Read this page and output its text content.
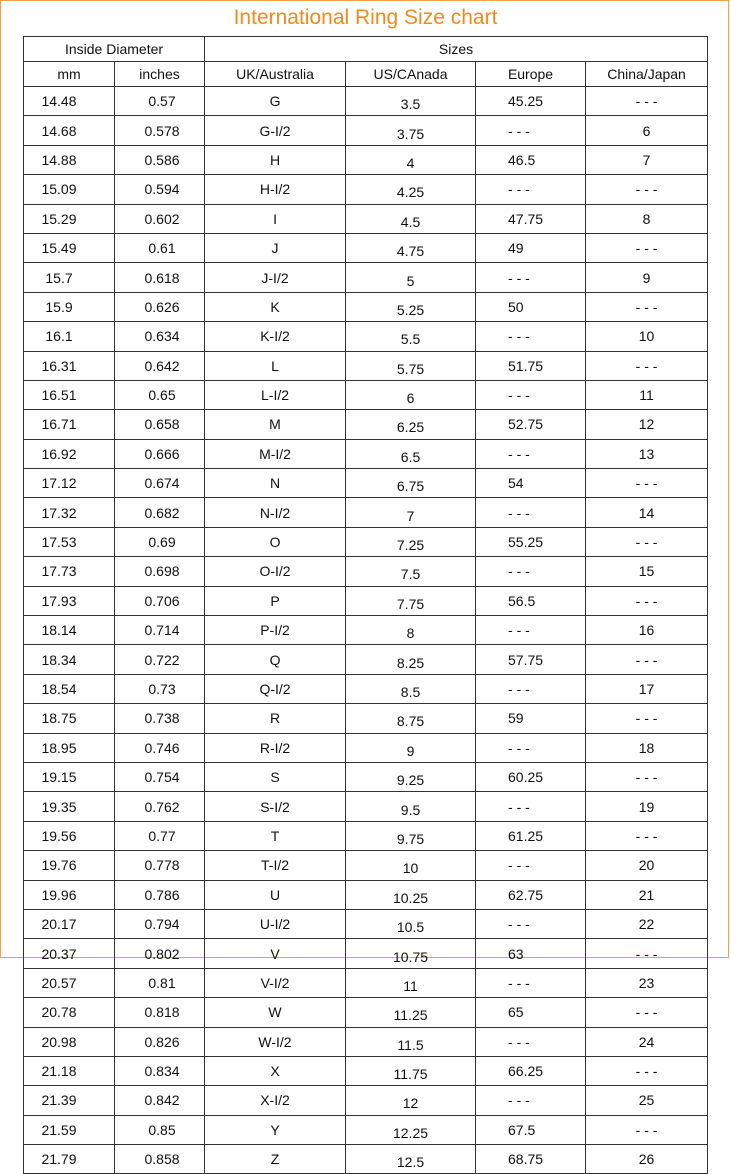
International Ring Size chart
Inside Diameter		Sizes			
mm	inches	UK/Australia	US/CAnada	Europe	China/Japan
14.48	0.57	G	3.5	45.25	- - -
14.68	0.578	G-I/2	3.75	- - -	6
14.88	0.586	H	4	46.5	7
15.09	0.594	H-I/2	4.25	- - -	- - -
15.29	0.602	I	4.5	47.75	8
15.49	0.61	J	4.75	49	- - -
15.7	0.618	J-I/2	5	- - -	9
15.9	0.626	K	5.25	50	- - -
16.1	0.634	K-I/2	5.5	- - -	10
16.31	0.642	L	5.75	51.75	- - -
16.51	0.65	L-I/2	6	- - -	11
16.71	0.658	M	6.25	52.75	12
16.92	0.666	M-I/2	6.5	- - -	13
17.12	0.674	N	6.75	54	- - -
17.32	0.682	N-I/2	7	- - -	14
17.53	0.69	O	7.25	55.25	- - -
17.73	0.698	O-I/2	7.5	- - -	15
17.93	0.706	P	7.75	56.5	- - -
18.14	0.714	P-I/2	8	- - -	16
18.34	0.722	Q	8.25	57.75	- - -
18.54	0.73	Q-I/2	8.5	- - -	17
18.75	0.738	R	8.75	59	- - -
18.95	0.746	R-I/2	9	- - -	18
19.15	0.754	S	9.25	60.25	- - -
19.35	0.762	S-I/2	9.5	- - -	19
19.56	0.77	T	9.75	61.25	- - -
19.76	0.778	T-I/2	10	- - -	20
19.96	0.786	U	10.25	62.75	21
20.17	0.794	U-I/2	10.5	- - -	22
20.37	0.802	V	10.75	63	- - -
20.57	0.81	V-I/2	11	- - -	23
20.78	0.818	W	11.25	65	- - -
20.98	0.826	W-I/2	11.5	- - -	24
21.18	0.834	X	11.75	66.25	- - -
21.39	0.842	X-I/2	12	- - -	25
21.59	0.85	Y	12.25	67.5	- - -
21.79	0.858	Z	12.5	68.75	26
